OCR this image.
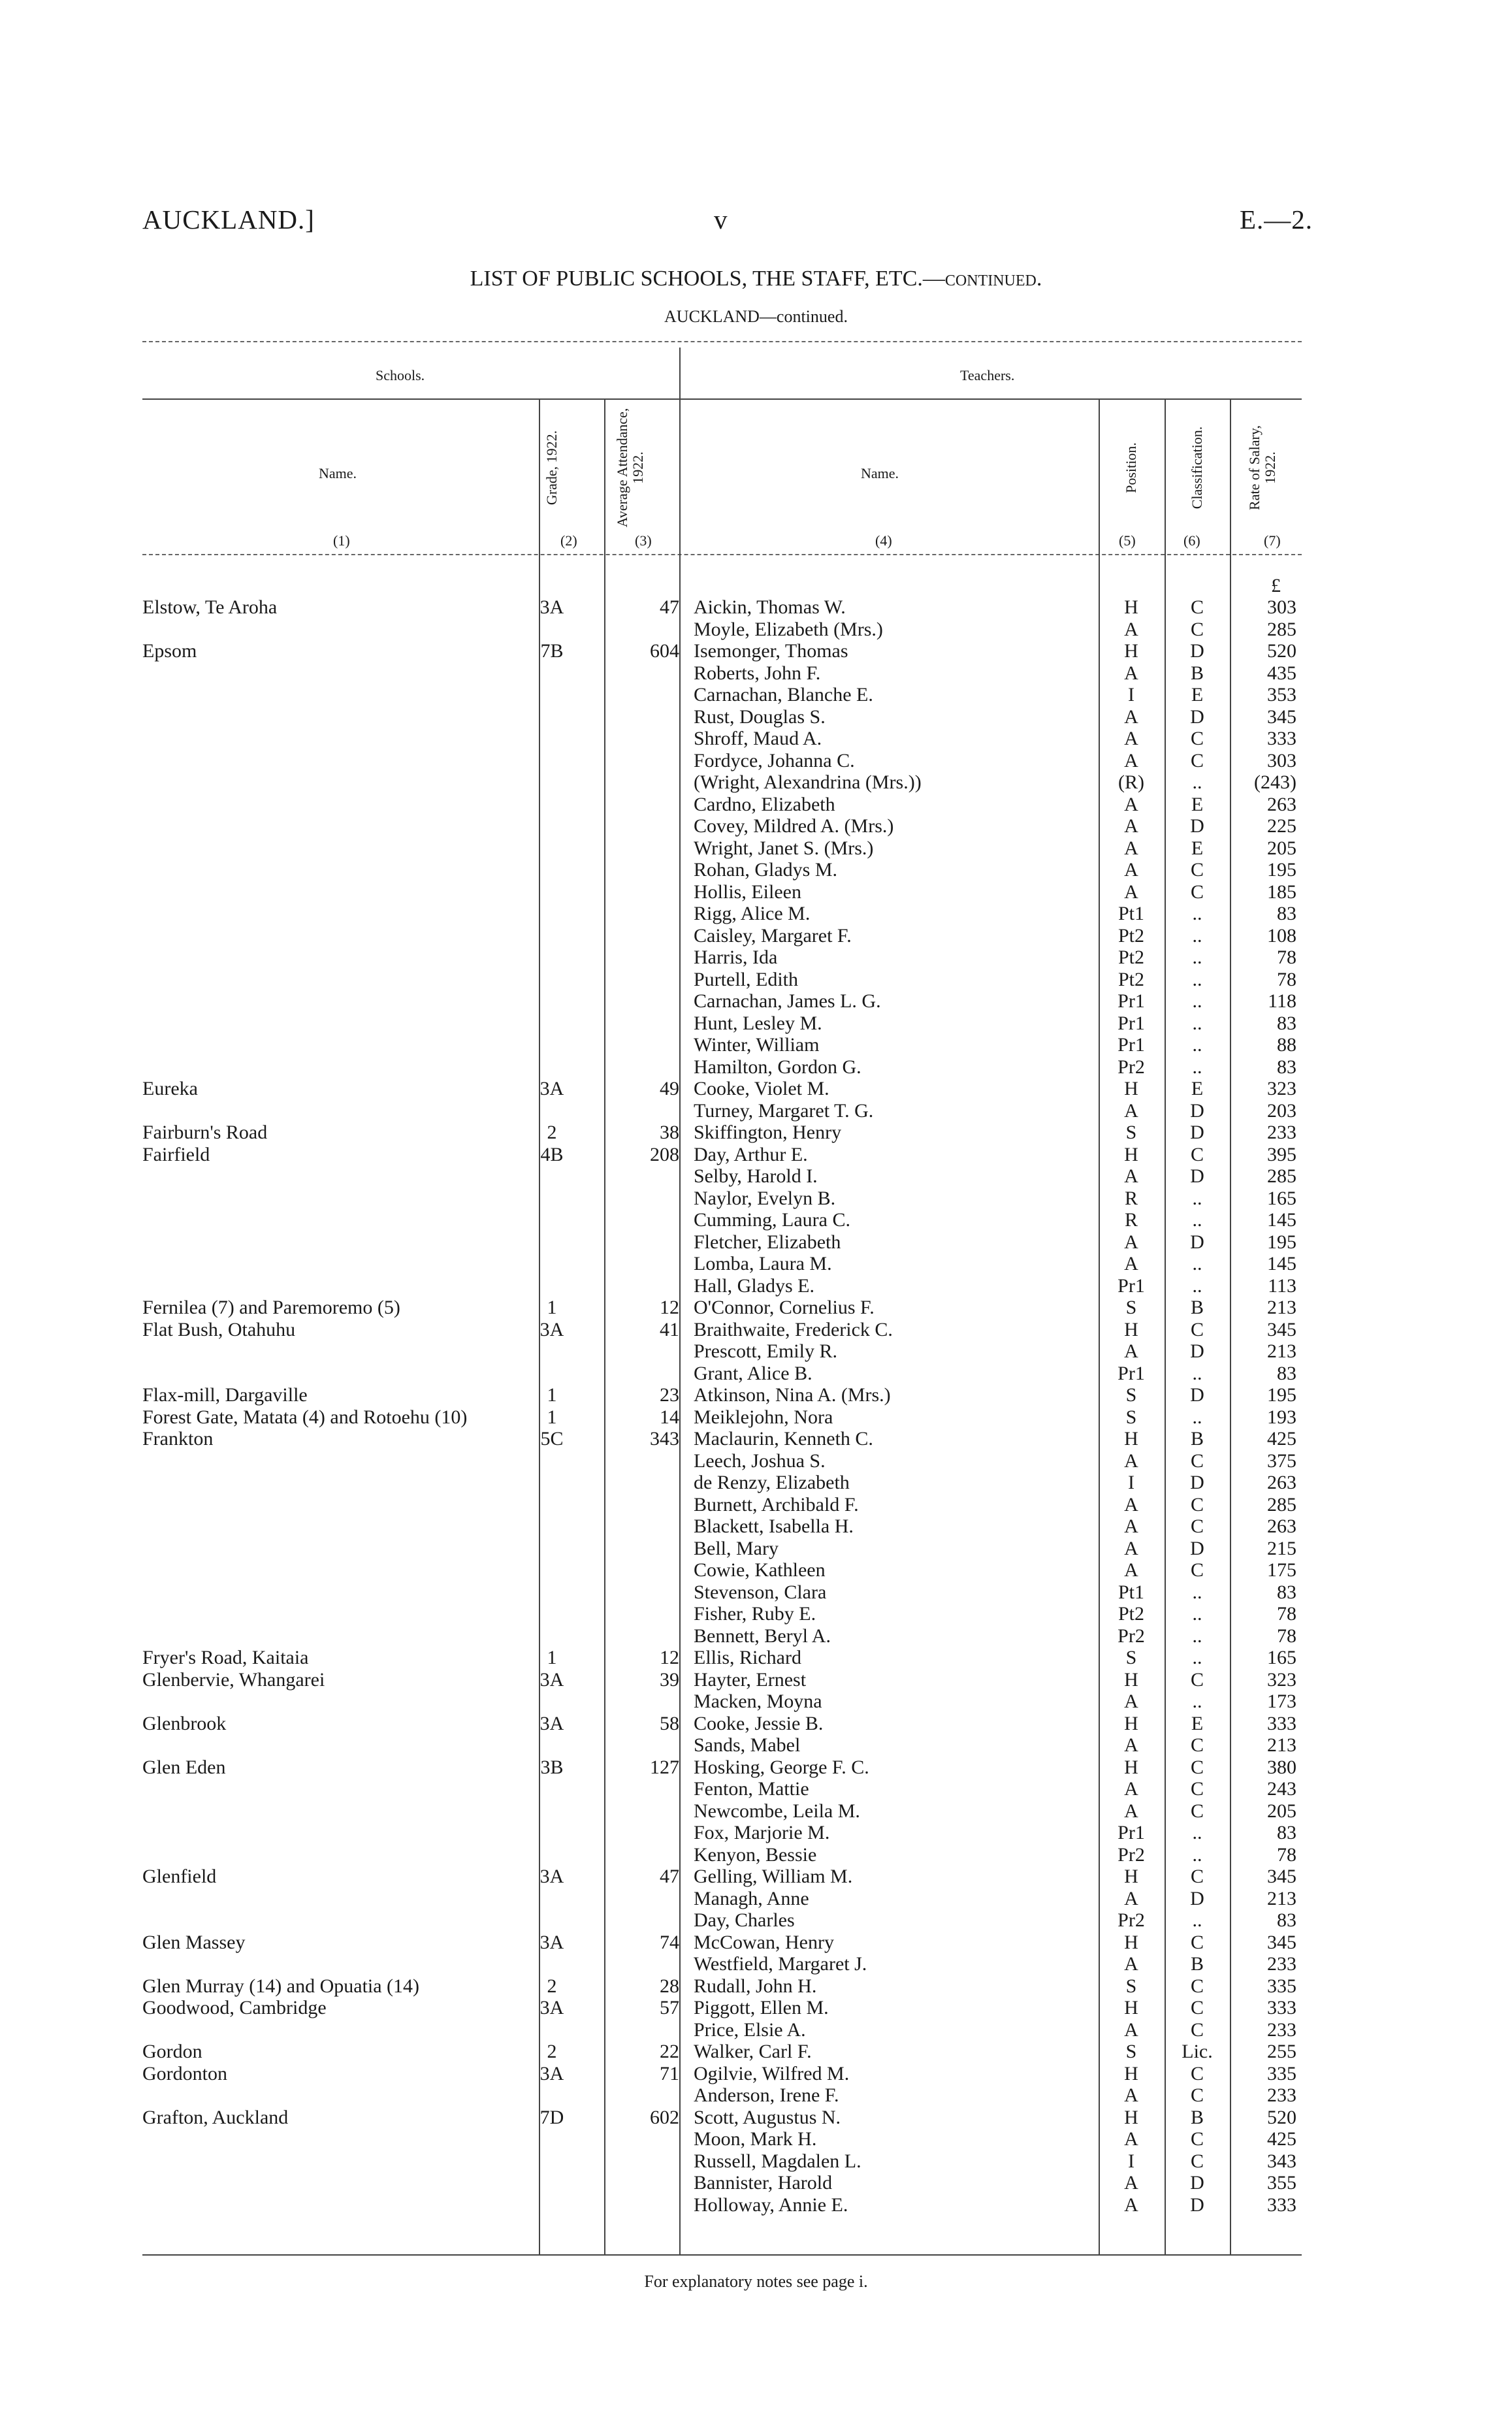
AUCKLAND.]	v	E.—2.
LIST OF PUBLIC SCHOOLS, THE STAFF, ETC.—continued.
AUCKLAND—continued.
Schools.	Teachers.
Name.	Grade, 1922.	Average Attendance, 1922.	Name.	Position.	Classification.	Rate of Salary, 1922.
(1)	(2)	(3)	(4)	(5)	(6)	(7)
£
Elstow, Te Aroha	3A	47 Aickin, Thomas W.	H	C	303
Moyle, Elizabeth (Mrs.)	A	C	285
Epsom	7B	604 Isemonger, Thomas	H	D	520
Roberts, John F.	A	B	435
Carnachan, Blanche E.	I	E	353
Rust, Douglas S.	A	D	345
Shroff, Maud A.	A	C	333
Fordyce, Johanna C.	A	C	303
(Wright, Alexandrina (Mrs.))	(R)	..	(243)
Cardno, Elizabeth	A	E	263
Covey, Mildred A. (Mrs.)	A	D	225
Wright, Janet S. (Mrs.)	A	E	205
Rohan, Gladys M.	A	C	195
Hollis, Eileen	A	C	185
Rigg, Alice M.	Pt1	..	83
Caisley, Margaret F.	Pt2	..	108
Harris, Ida	Pt2	..	78
Purtell, Edith	Pt2	..	78
Carnachan, James L. G.	Pr1	..	118
Hunt, Lesley M.	Pr1	..	83
Winter, William	Pr1	..	88
Hamilton, Gordon G.	Pr2	..	83
Eureka	3A	49 Cooke, Violet M.	H	E	323
Turney, Margaret T. G.	A	D	203
Fairburn's Road	2	38 Skiffington, Henry	S	D	233
Fairfield	4B	208 Day, Arthur E.	H	C	395
Selby, Harold I.	A	D	285
Naylor, Evelyn B.	R	..	165
Cumming, Laura C.	R	..	145
Fletcher, Elizabeth	A	D	195
Lomba, Laura M.	A	..	145
Hall, Gladys E.	Pr1	..	113
Fernilea (7) and Paremoremo (5)	1	12 O'Connor, Cornelius F.	S	B	213
Flat Bush, Otahuhu	3A	41 Braithwaite, Frederick C.	H	C	345
Prescott, Emily R.	A	D	213
Grant, Alice B.	Pr1	..	83
Flax-mill, Dargaville	1	23 Atkinson, Nina A. (Mrs.)	S	D	195
Forest Gate, Matata (4) and Rotoehu (10)	1	14 Meiklejohn, Nora	S	..	193
Frankton	5C	343 Maclaurin, Kenneth C.	H	B	425
Leech, Joshua S.	A	C	375
de Renzy, Elizabeth	I	D	263
Burnett, Archibald F.	A	C	285
Blackett, Isabella H.	A	C	263
Bell, Mary	A	D	215
Cowie, Kathleen	A	C	175
Stevenson, Clara	Pt1	..	83
Fisher, Ruby E.	Pt2	..	78
Bennett, Beryl A.	Pr2	..	78
Fryer's Road, Kaitaia	1	12 Ellis, Richard	S	..	165
Glenbervie, Whangarei	3A	39 Hayter, Ernest	H	C	323
Macken, Moyna	A	..	173
Glenbrook	3A	58 Cooke, Jessie B.	H	E	333
Sands, Mabel	A	C	213
Glen Eden	3B	127 Hosking, George F. C.	H	C	380
Fenton, Mattie	A	C	243
Newcombe, Leila M.	A	C	205
Fox, Marjorie M.	Pr1	..	83
Kenyon, Bessie	Pr2	..	78
Glenfield	3A	47 Gelling, William M.	H	C	345
Managh, Anne	A	D	213
Day, Charles	Pr2	..	83
Glen Massey	3A	74 McCowan, Henry	H	C	345
Westfield, Margaret J.	A	B	233
Glen Murray (14) and Opuatia (14)	2	28 Rudall, John H.	S	C	335
Goodwood, Cambridge	3A	57 Piggott, Ellen M.	H	C	333
Price, Elsie A.	A	C	233
Gordon	2	22 Walker, Carl F.	S	Lic.	255
Gordonton	3A	71 Ogilvie, Wilfred M.	H	C	335
Anderson, Irene F.	A	C	233
Grafton, Auckland	7D	602 Scott, Augustus N.	H	B	520
Moon, Mark H.	A	C	425
Russell, Magdalen L.	I	C	343
Bannister, Harold	A	D	355
Holloway, Annie E.	A	D	333
For explanatory notes see page i.
